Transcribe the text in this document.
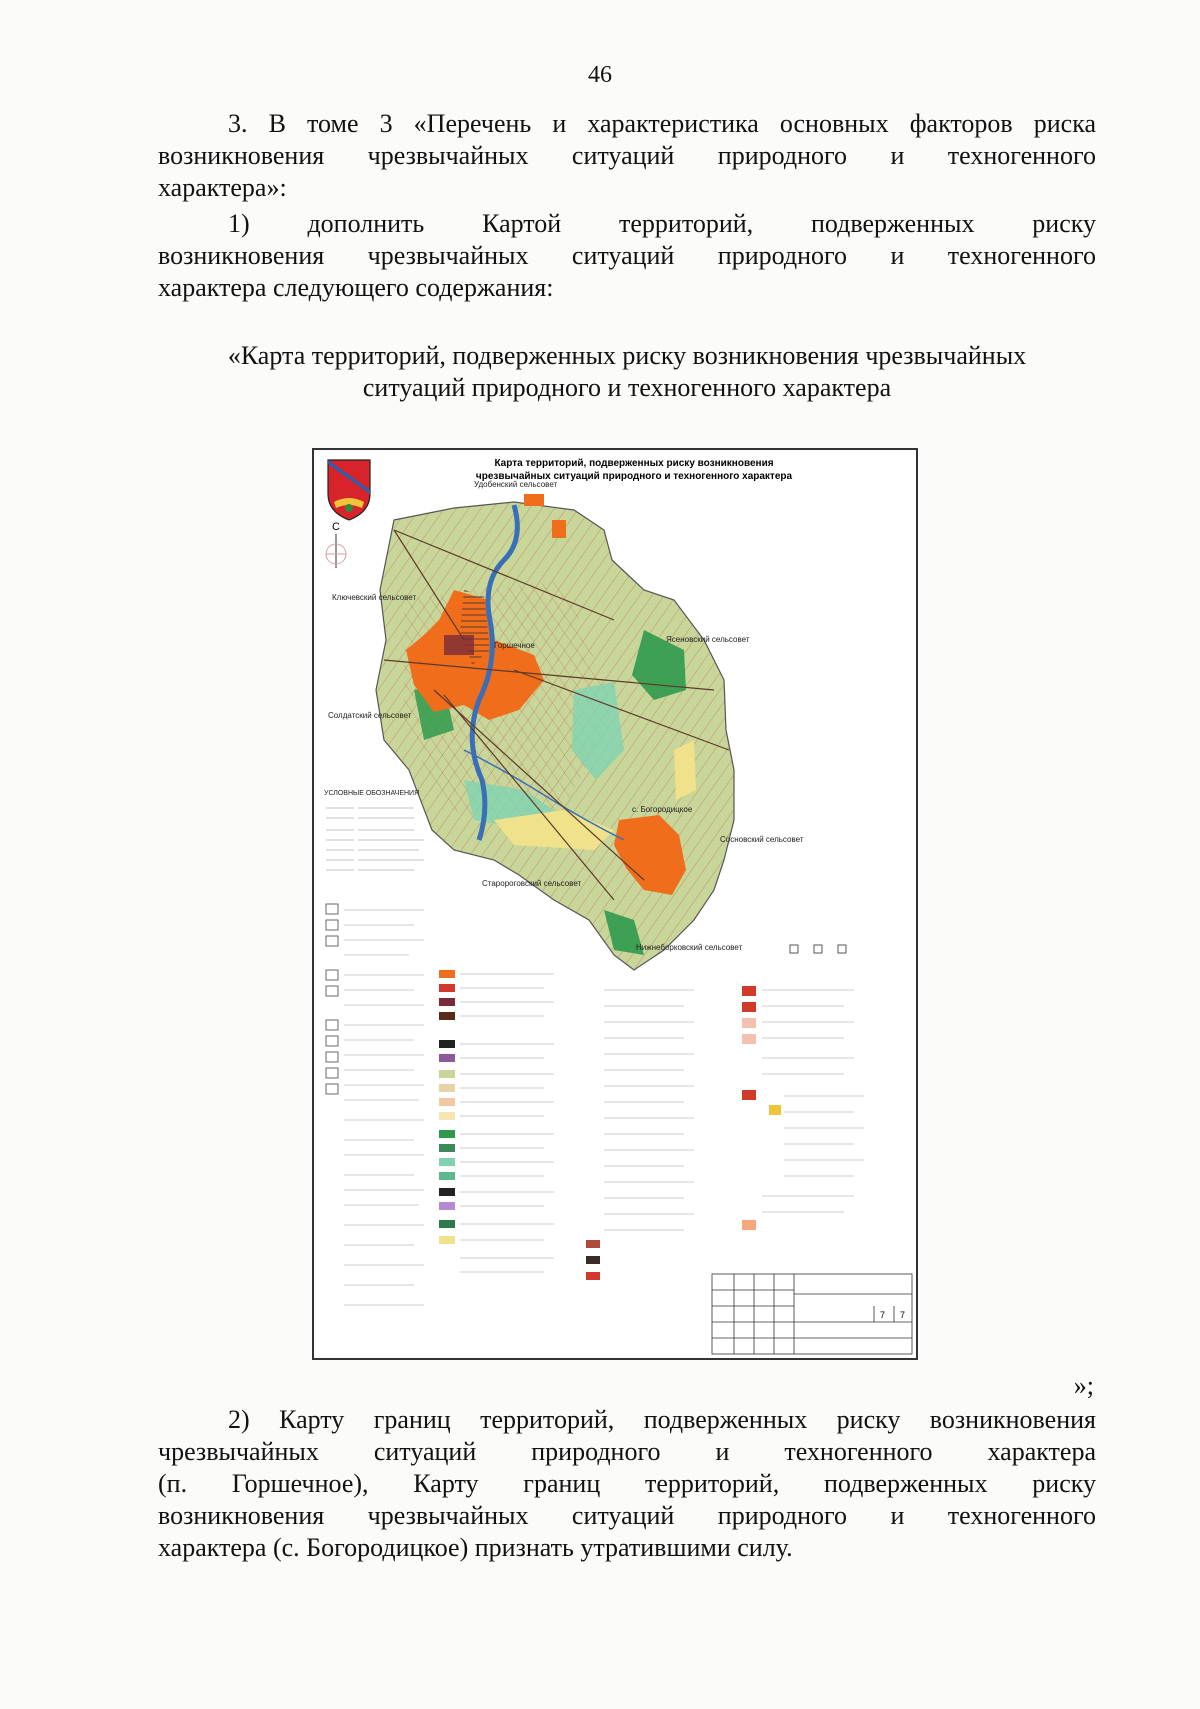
46
3. В томе 3 «Перечень и характеристика основных факторов риска
возникновения чрезвычайных ситуаций природного и техногенного
характера»:
1) дополнить Картой территорий, подверженных риску
возникновения чрезвычайных ситуаций природного и техногенного
характера следующего содержания:
«Карта территорий, подверженных риску возникновения чрезвычайных
ситуаций природного и техногенного характера
Карта территорий, подверженных риску возникновения
чрезвычайных ситуаций природного и техногенного характера
С
Удобенский сельсовет
Ключевский сельсовет
Горшечное
Ясеновский сельсовет
Солдатский сельсовет
с. Богородицкое
Сосновский сельсовет
Старороговский сельсовет
Нижнеборковский сельсовет
УСЛОВНЫЕ ОБОЗНАЧЕНИЯ
7 7
»;
2) Карту границ территорий, подверженных риску возникновения
чрезвычайных ситуаций природного и техногенного характера
(п. Горшечное), Карту границ территорий, подверженных риску
возникновения чрезвычайных ситуаций природного и техногенного
характера (с. Богородицкое) признать утратившими силу.
